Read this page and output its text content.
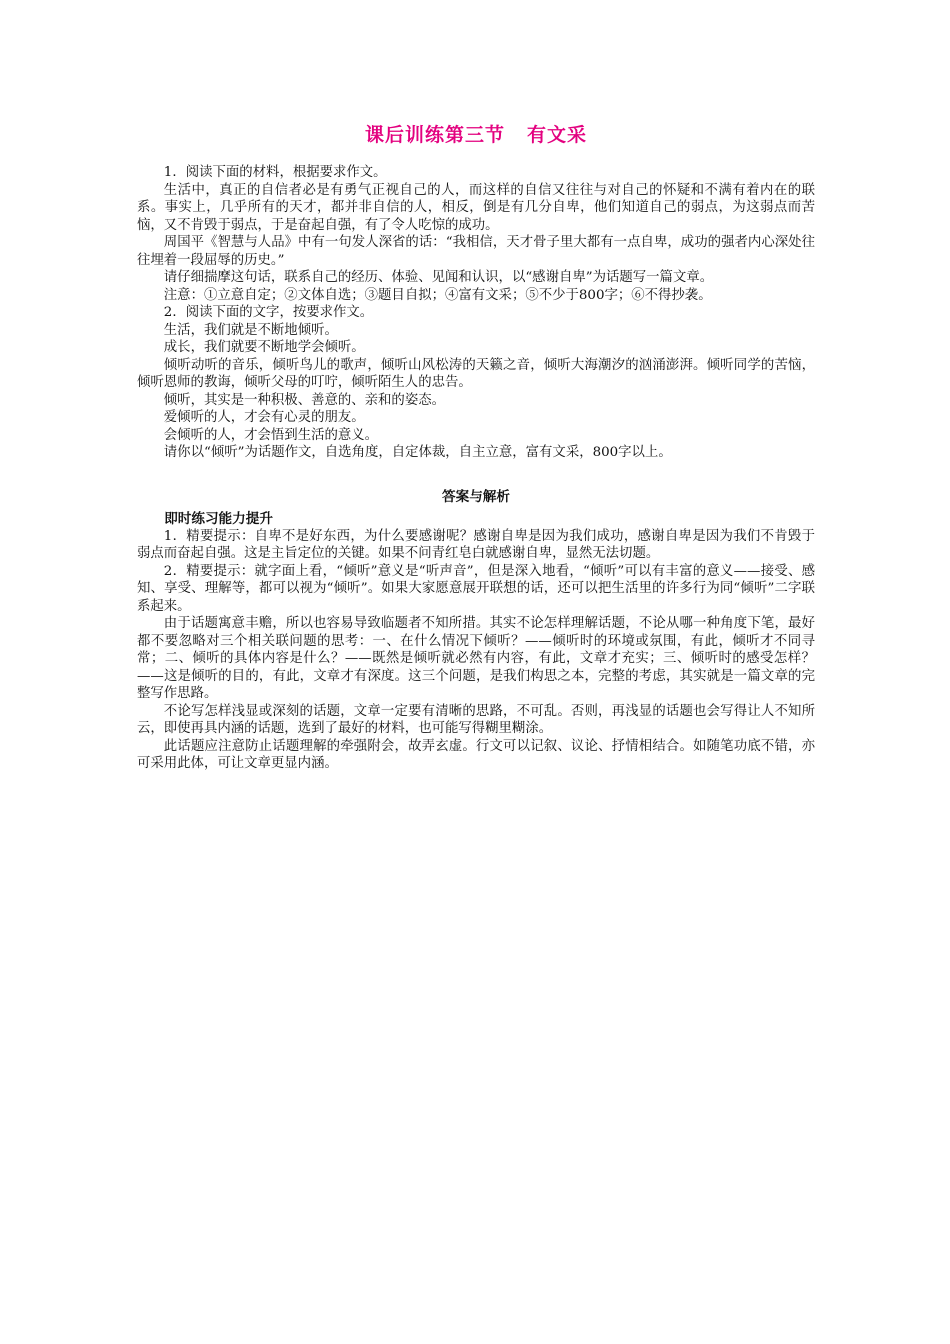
课后训练第三节 有文采

1．阅读下面的材料，根据要求作文。

生活中，真正的自信者必是有勇气正视自己的人，而这样的自信又往往与对自己的怀疑和不满有着内在的联系。事实上，几乎所有的天才，都并非自信的人，相反，倒是有几分自卑，他们知道自己的弱点，为这弱点而苦恼，又不肯毁于弱点，于是奋起自强，有了令人吃惊的成功。

周国平《智慧与人品》中有一句发人深省的话：“我相信，天才骨子里大都有一点自卑，成功的强者内心深处往往埋着一段屈辱的历史。”

请仔细揣摩这句话，联系自己的经历、体验、见闻和认识，以“感谢自卑”为话题写一篇文章。

注意：①立意自定；②文体自选；③题目自拟；④富有文采；⑤不少于800字；⑥不得抄袭。

2．阅读下面的文字，按要求作文。

生活，我们就是不断地倾听。

成长，我们就要不断地学会倾听。

倾听动听的音乐，倾听鸟儿的歌声，倾听山风松涛的天籁之音，倾听大海潮汐的汹涌澎湃。倾听同学的苦恼，倾听恩师的教诲，倾听父母的叮咛，倾听陌生人的忠告。

倾听，其实是一种积极、善意的、亲和的姿态。

爱倾听的人，才会有心灵的朋友。

会倾听的人，才会悟到生活的意义。

请你以“倾听”为话题作文，自选角度，自定体裁，自主立意，富有文采，800字以上。

答案与解析
即时练习能力提升

1．精要提示：自卑不是好东西，为什么要感谢呢？感谢自卑是因为我们成功，感谢自卑是因为我们不肯毁于弱点而奋起自强。这是主旨定位的关键。如果不问青红皂白就感谢自卑，显然无法切题。

2．精要提示：就字面上看，“倾听”意义是“听声音”，但是深入地看，“倾听”可以有丰富的意义——接受、感知、享受、理解等，都可以视为“倾听”。如果大家愿意展开联想的话，还可以把生活里的许多行为同“倾听”二字联系起来。

由于话题寓意丰赡，所以也容易导致临题者不知所措。其实不论怎样理解话题，不论从哪一种角度下笔，最好都不要忽略对三个相关联问题的思考：一、在什么情况下倾听？——倾听时的环境或氛围，有此，倾听才不同寻常；二、倾听的具体内容是什么？——既然是倾听就必然有内容，有此，文章才充实；三、倾听时的感受怎样？——这是倾听的目的，有此，文章才有深度。这三个问题，是我们构思之本，完整的考虑，其实就是一篇文章的完整写作思路。

不论写怎样浅显或深刻的话题，文章一定要有清晰的思路，不可乱。否则，再浅显的话题也会写得让人不知所云，即使再具内涵的话题，选到了最好的材料，也可能写得糊里糊涂。

此话题应注意防止话题理解的牵强附会，故弄玄虚。行文可以记叙、议论、抒情相结合。如随笔功底不错，亦可采用此体，可让文章更显内涵。
